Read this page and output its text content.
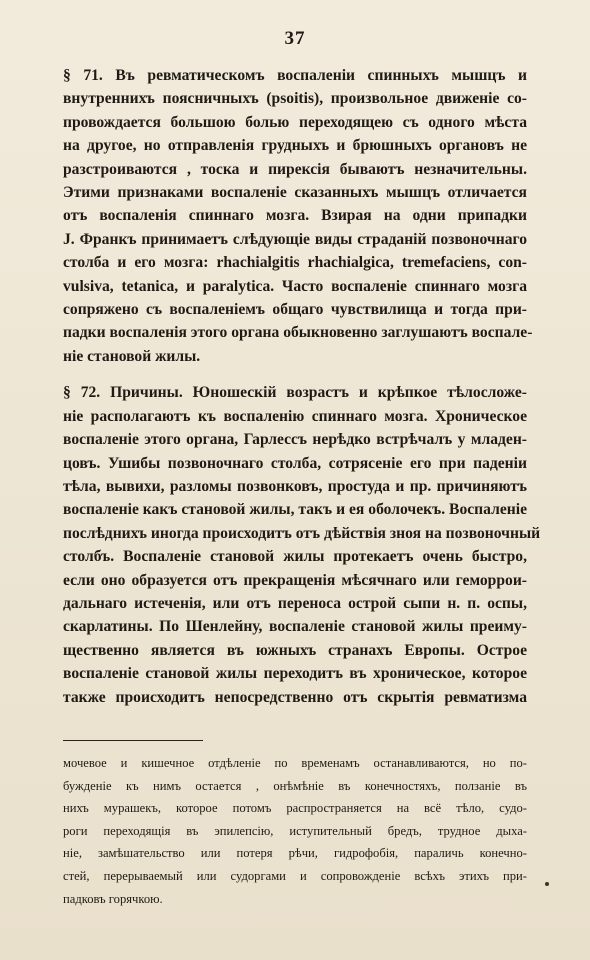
37
§ 71. Въ ревматическомъ воспаленіи спинныхъ мышцъ и
внутреннихъ поясничныхъ (psoitis), произвольное движеніе со-
провождается большою болью переходящею съ одного мѣста
на другое, но отправленія грудныхъ и брюшныхъ органовъ не
разстроиваются , тоска и пирексія бываютъ незначительны.
Этими признаками воспаленіе сказанныхъ мышцъ отличается
отъ воспаленія спиннаго мозга. Взирая на одни припадки
J. Франкъ принимаетъ слѣдующіе виды страданій позвоночнаго
столба и его мозга: rhachialgitis rhachialgica, tremefaciens, con-
vulsiva, tetanica, и paralytica. Часто воспаленіе спиннаго мозга
сопряжено съ воспаленіемъ общаго чувствилища и тогда при-
падки воспаленія этого органа обыкновенно заглушаютъ воспале-
ніе становой жилы.
§ 72. Причины. Юношескій возрастъ и крѣпкое тѣлосложе-
ніе располагаютъ къ воспаленію спиннаго мозга. Хроническое
воспаленіе этого органа, Гарлессъ нерѣдко встрѣчалъ у младен-
цовъ. Ушибы позвоночнаго столба, сотрясеніе его при паденіи
тѣла, вывихи, разломы позвонковъ, простуда и пр. причиняютъ
воспаленіе какъ становой жилы, такъ и ея оболочекъ. Воспаленіе
послѣднихъ иногда происходитъ отъ дѣйствія зноя на позвоночный
столбъ. Воспаленіе становой жилы протекаетъ очень быстро,
если оно образуется отъ прекращенія мѣсячнаго или геморрои-
дальнаго истеченія, или отъ переноса острой сыпи н. п. оспы,
скарлатины. По Шенлейну, воспаленіе становой жилы преиму-
щественно является въ южныхъ странахъ Европы. Острое
воспаленіе становой жилы переходитъ въ хроническое, которое
также происходитъ непосредственно отъ скрытія ревматизма
мочевое и кишечное отдѣленіе по временамъ останавливаются, но по-
бужденіе къ нимъ остается , онѣмѣніе въ конечностяхъ, ползаніе въ
нихъ мурашекъ, которое потомъ распространяется на всё тѣло, судо-
роги переходящія въ эпилепсію, иступительный бредъ, трудное дыха-
ніе, замѣшательство или потеря рѣчи, гидрофобія, параличь конечно-
стей, перерываемый или судоргами и сопровожденіе всѣхъ этихъ при-
падковъ горячкою.
